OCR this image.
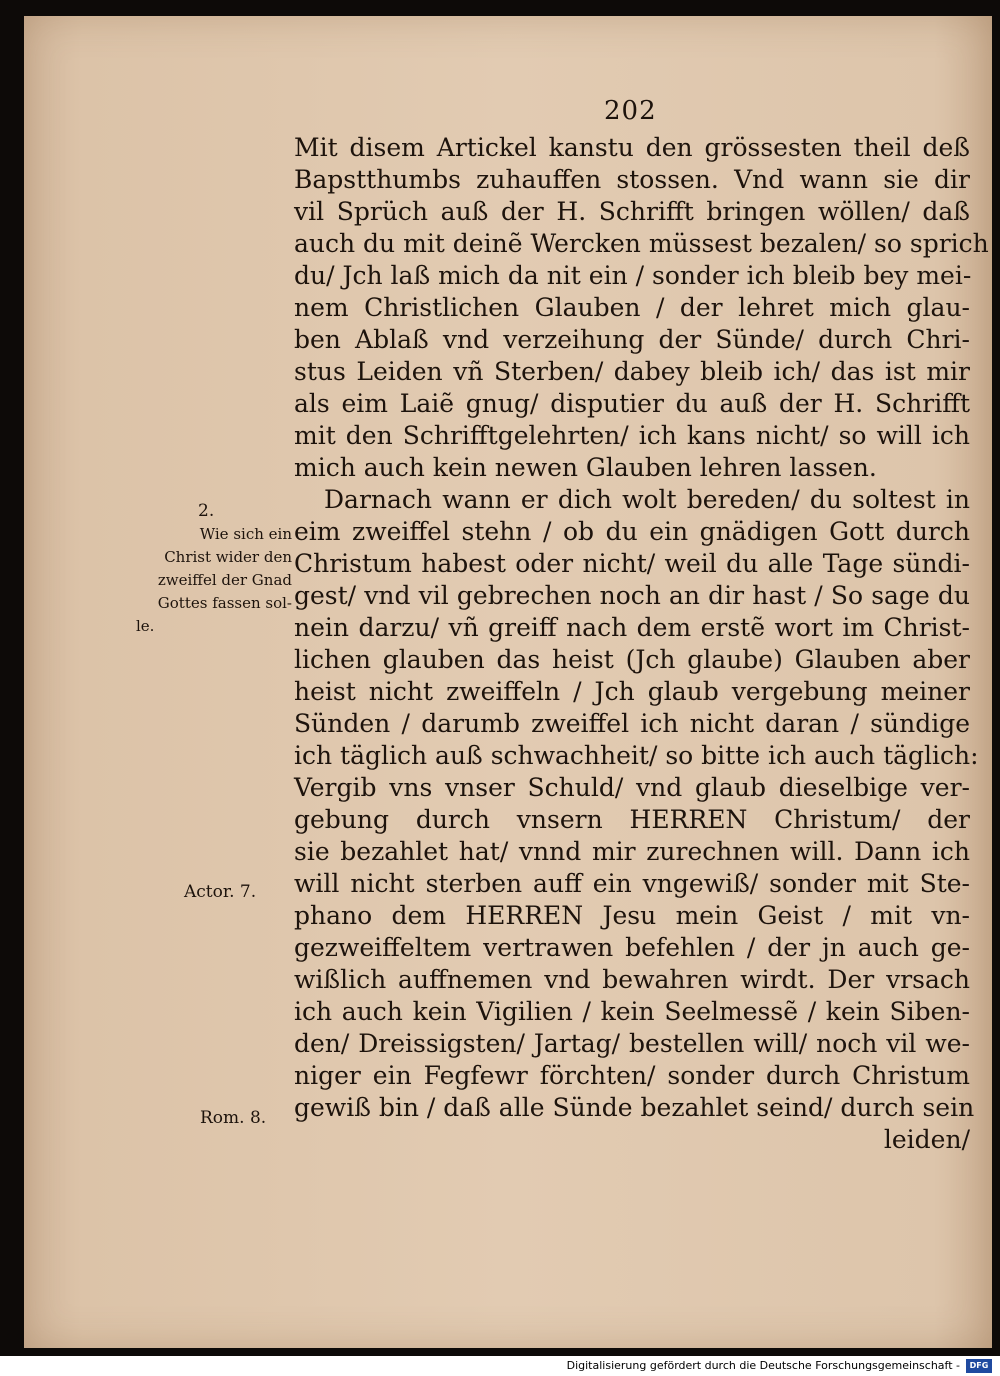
202
Mit disem Artickel kanstu den grössesten theil deß
Bapstthumbs zuhauffen stossen. Vnd wann sie dir
vil Sprüch auß der H. Schrifft bringen wöllen/ daß
auch du mit deinẽ Wercken müssest bezalen/ so sprich
du/ Jch laß mich da nit ein / sonder ich bleib bey mei-
nem Christlichen Glauben / der lehret mich glau-
ben Ablaß vnd verzeihung der Sünde/ durch Chri-
stus Leiden vñ Sterben/ dabey bleib ich/ das ist mir
als eim Laiẽ gnug/ disputier du auß der H. Schrifft
mit den Schrifftgelehrten/ ich kans nicht/ so will ich
mich auch kein newen Glauben lehren lassen.
Darnach wann er dich wolt bereden/ du soltest in
eim zweiffel stehn / ob du ein gnädigen Gott durch
Christum habest oder nicht/ weil du alle Tage sündi-
gest/ vnd vil gebrechen noch an dir hast / So sage du
nein darzu/ vñ greiff nach dem erstẽ wort im Christ-
lichen glauben das heist (Jch glaube) Glauben aber
heist nicht zweiffeln / Jch glaub vergebung meiner
Sünden / darumb zweiffel ich nicht daran / sündige
ich täglich auß schwachheit/ so bitte ich auch täglich:
Vergib vns vnser Schuld/ vnd glaub dieselbige ver-
gebung durch vnsern HERREN Christum/ der
sie bezahlet hat/ vnnd mir zurechnen will. Dann ich
will nicht sterben auff ein vngewiß/ sonder mit Ste-
phano dem HERREN Jesu mein Geist / mit vn-
gezweiffeltem vertrawen befehlen / der jn auch ge-
wißlich auffnemen vnd bewahren wirdt. Der vrsach
ich auch kein Vigilien / kein Seelmessẽ / kein Siben-
den/ Dreissigsten/ Jartag/ bestellen will/ noch vil we-
niger ein Fegfewr förchten/ sonder durch Christum
gewiß bin / daß alle Sünde bezahlet seind/ durch sein
leiden/
2.
Wie sich ein
Christ wider den
zweiffel der Gnad
Gottes fassen sol-
le.
Actor. 7.
Rom. 8.
Digitalisierung gefördert durch die Deutsche Forschungsgemeinschaft -	DFG
